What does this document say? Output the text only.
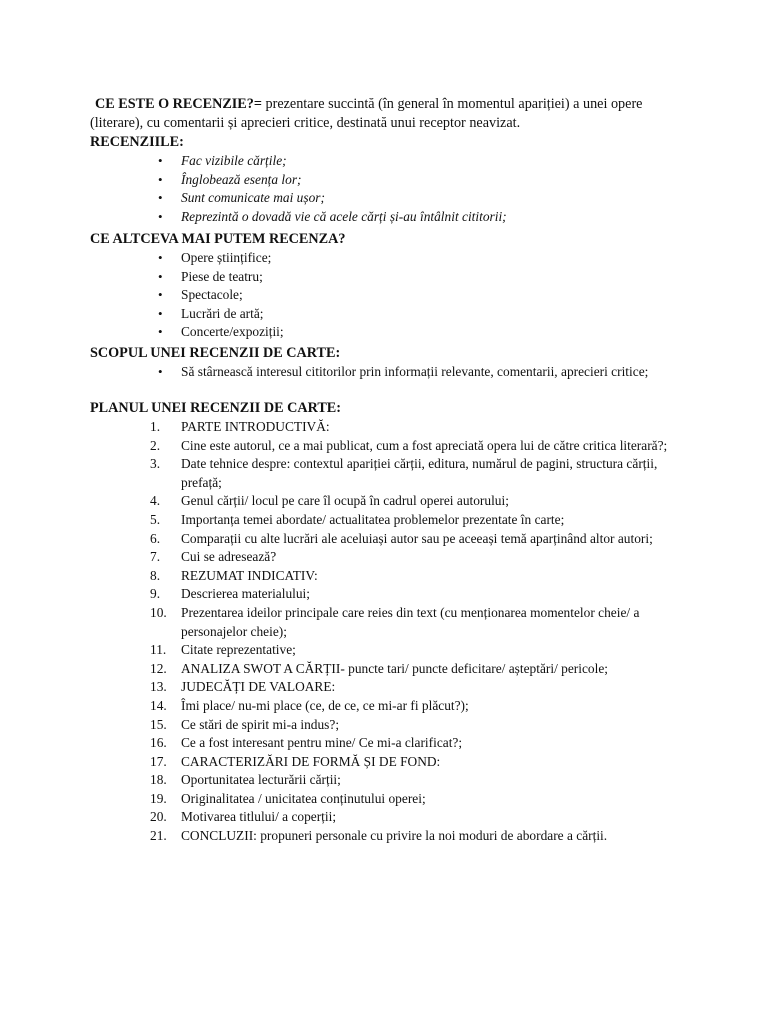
CE ESTE O RECENZIE?= prezentare succintă (în general în momentul apariției) a unei opere (literare), cu comentarii și aprecieri critice, destinată unui receptor neavizat.
RECENZIILE:
• Fac vizibile cărțile;
• Înglobează esența lor;
• Sunt comunicate mai ușor;
• Reprezintă o dovadă vie că acele cărți și-au întâlnit cititorii;
CE ALTCEVA MAI PUTEM RECENZA?
• Opere științifice;
• Piese de teatru;
• Spectacole;
• Lucrări de artă;
• Concerte/expoziții;
SCOPUL UNEI RECENZII DE CARTE:
• Să stârnească interesul cititorilor prin informații relevante, comentarii, aprecieri critice;
PLANUL UNEI RECENZII DE CARTE:
1.	PARTE INTRODUCTIVĂ:
2.	Cine este autorul, ce a mai publicat, cum a fost apreciată opera lui de către critica literară?;
3.	Date tehnice despre: contextul apariției cărții, editura, numărul de pagini, structura cărții, prefață;
4.	Genul cărții/ locul pe care îl ocupă în cadrul operei autorului;
5.	Importanța temei abordate/ actualitatea problemelor prezentate în carte;
6.	Comparații cu alte lucrări ale aceluiași autor sau pe aceeași temă aparținând altor autori;
7.	Cui se adresează?
8.	REZUMAT INDICATIV:
9.	Descrierea materialului;
10.	Prezentarea ideilor principale care reies din text (cu menționarea momentelor cheie/ a personajelor cheie);
11.	Citate reprezentative;
12.	ANALIZA SWOT A CĂRȚII- puncte tari/ puncte deficitare/ așteptări/ pericole;
13.	JUDECĂȚI DE VALOARE:
14.	Îmi place/ nu-mi place (ce, de ce, ce mi-ar fi plăcut?);
15.	Ce stări de spirit mi-a indus?;
16.	Ce a fost interesant pentru mine/ Ce mi-a clarificat?;
17.	CARACTERIZĂRI DE FORMĂ ȘI DE FOND:
18.	Oportunitatea lecturării cărții;
19.	Originalitatea / unicitatea conținutului operei;
20.	Motivarea titlului/ a coperții;
21.	CONCLUZII: propuneri personale cu privire la noi moduri de abordare a cărții.
